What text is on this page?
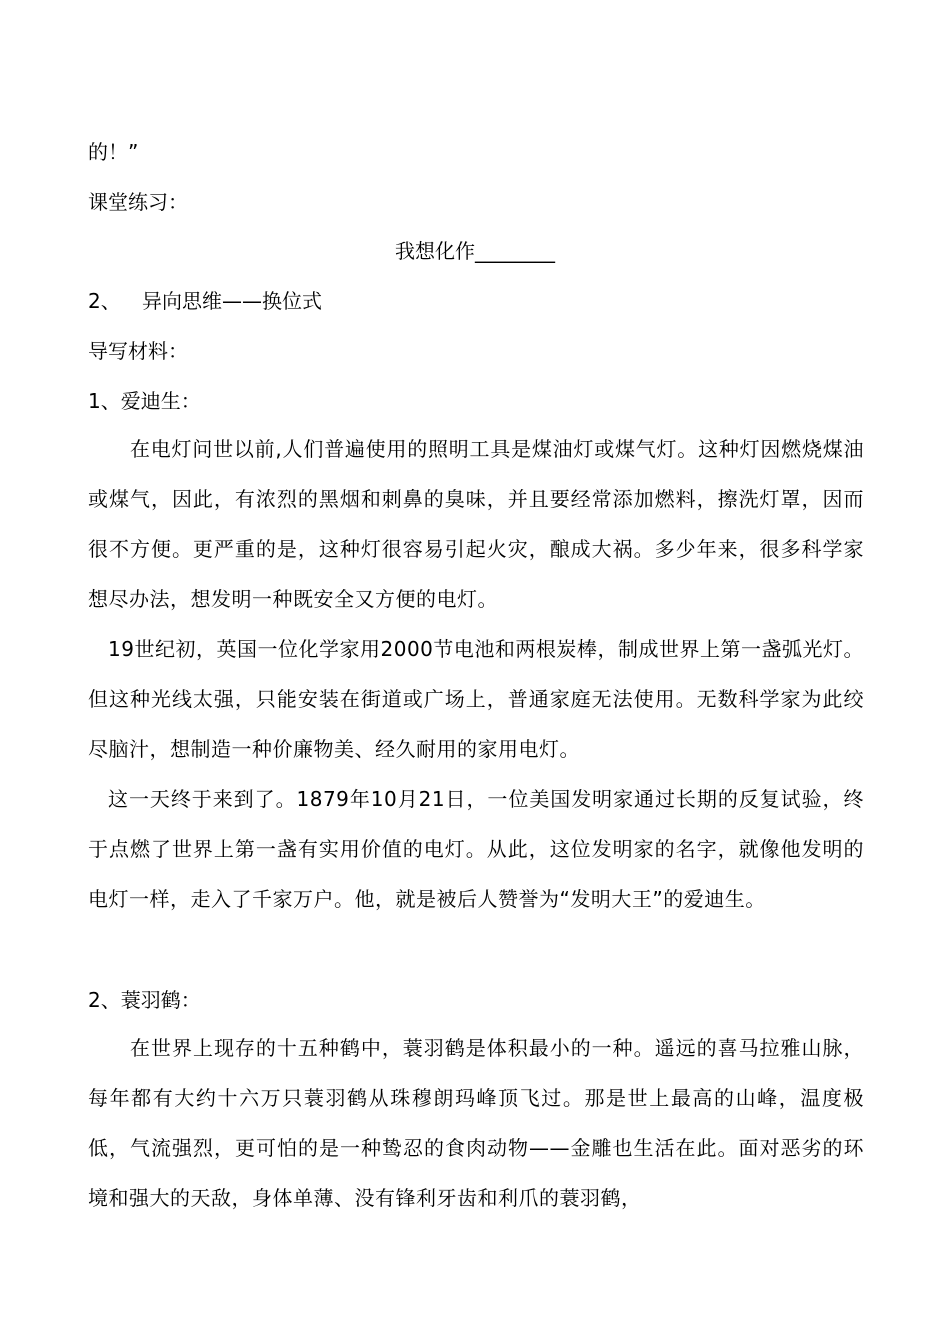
的！”
课堂练习：
我想化作________
2、 异向思维——换位式
导写材料：
1、爱迪生：
在电灯问世以前,人们普遍使用的照明工具是煤油灯或煤气灯。这种灯因燃烧煤油或煤气，因此，有浓烈的黑烟和刺鼻的臭味，并且要经常添加燃料，擦洗灯罩，因而很不方便。更严重的是，这种灯很容易引起火灾，酿成大祸。多少年来，很多科学家想尽办法，想发明一种既安全又方便的电灯。
19世纪初，英国一位化学家用2000节电池和两根炭棒，制成世界上第一盏弧光灯。但这种光线太强，只能安装在街道或广场上，普通家庭无法使用。无数科学家为此绞尽脑汁，想制造一种价廉物美、经久耐用的家用电灯。
这一天终于来到了。1879年10月21日，一位美国发明家通过长期的反复试验，终于点燃了世界上第一盏有实用价值的电灯。从此，这位发明家的名字，就像他发明的电灯一样，走入了千家万户。他，就是被后人赞誉为“发明大王”的爱迪生。
2、蓑羽鹤：
在世界上现存的十五种鹤中，蓑羽鹤是体积最小的一种。遥远的喜马拉雅山脉，每年都有大约十六万只蓑羽鹤从珠穆朗玛峰顶飞过。那是世上最高的山峰，温度极低，气流强烈，更可怕的是一种鸷忍的食肉动物——金雕也生活在此。面对恶劣的环境和强大的天敌，身体单薄、没有锋利牙齿和利爪的蓑羽鹤，
